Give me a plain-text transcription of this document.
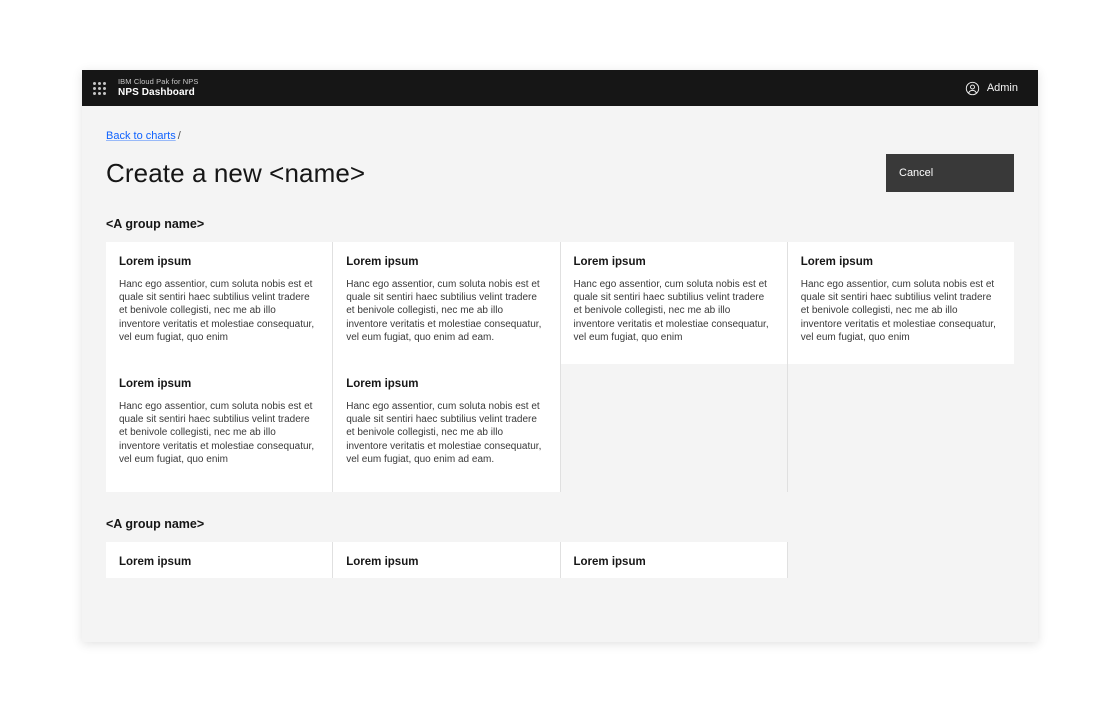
IBM Cloud Pak for NPS
NPS Dashboard	Admin
Back to charts /
Create a new <name>	Cancel
<A group name>

Lorem ipsum

Hanc ego assentior, cum soluta nobis est et quale sit sentiri haec subtilius velint tradere et benivole collegisti, nec me ab illo inventore veritatis et molestiae consequatur, vel eum fugiat, quo enim

Lorem ipsum

Hanc ego assentior, cum soluta nobis est et quale sit sentiri haec subtilius velint tradere et benivole collegisti, nec me ab illo inventore veritatis et molestiae consequatur, vel eum fugiat, quo enim ad eam.

Lorem ipsum

Hanc ego assentior, cum soluta nobis est et quale sit sentiri haec subtilius velint tradere et benivole collegisti, nec me ab illo inventore veritatis et molestiae consequatur, vel eum fugiat, quo enim

Lorem ipsum

Hanc ego assentior, cum soluta nobis est et quale sit sentiri haec subtilius velint tradere et benivole collegisti, nec me ab illo inventore veritatis et molestiae consequatur, vel eum fugiat, quo enim

Lorem ipsum

Hanc ego assentior, cum soluta nobis est et quale sit sentiri haec subtilius velint tradere et benivole collegisti, nec me ab illo inventore veritatis et molestiae consequatur, vel eum fugiat, quo enim

Lorem ipsum

Hanc ego assentior, cum soluta nobis est et quale sit sentiri haec subtilius velint tradere et benivole collegisti, nec me ab illo inventore veritatis et molestiae consequatur, vel eum fugiat, quo enim ad eam.

<A group name>

Lorem ipsum	Lorem ipsum	Lorem ipsum
